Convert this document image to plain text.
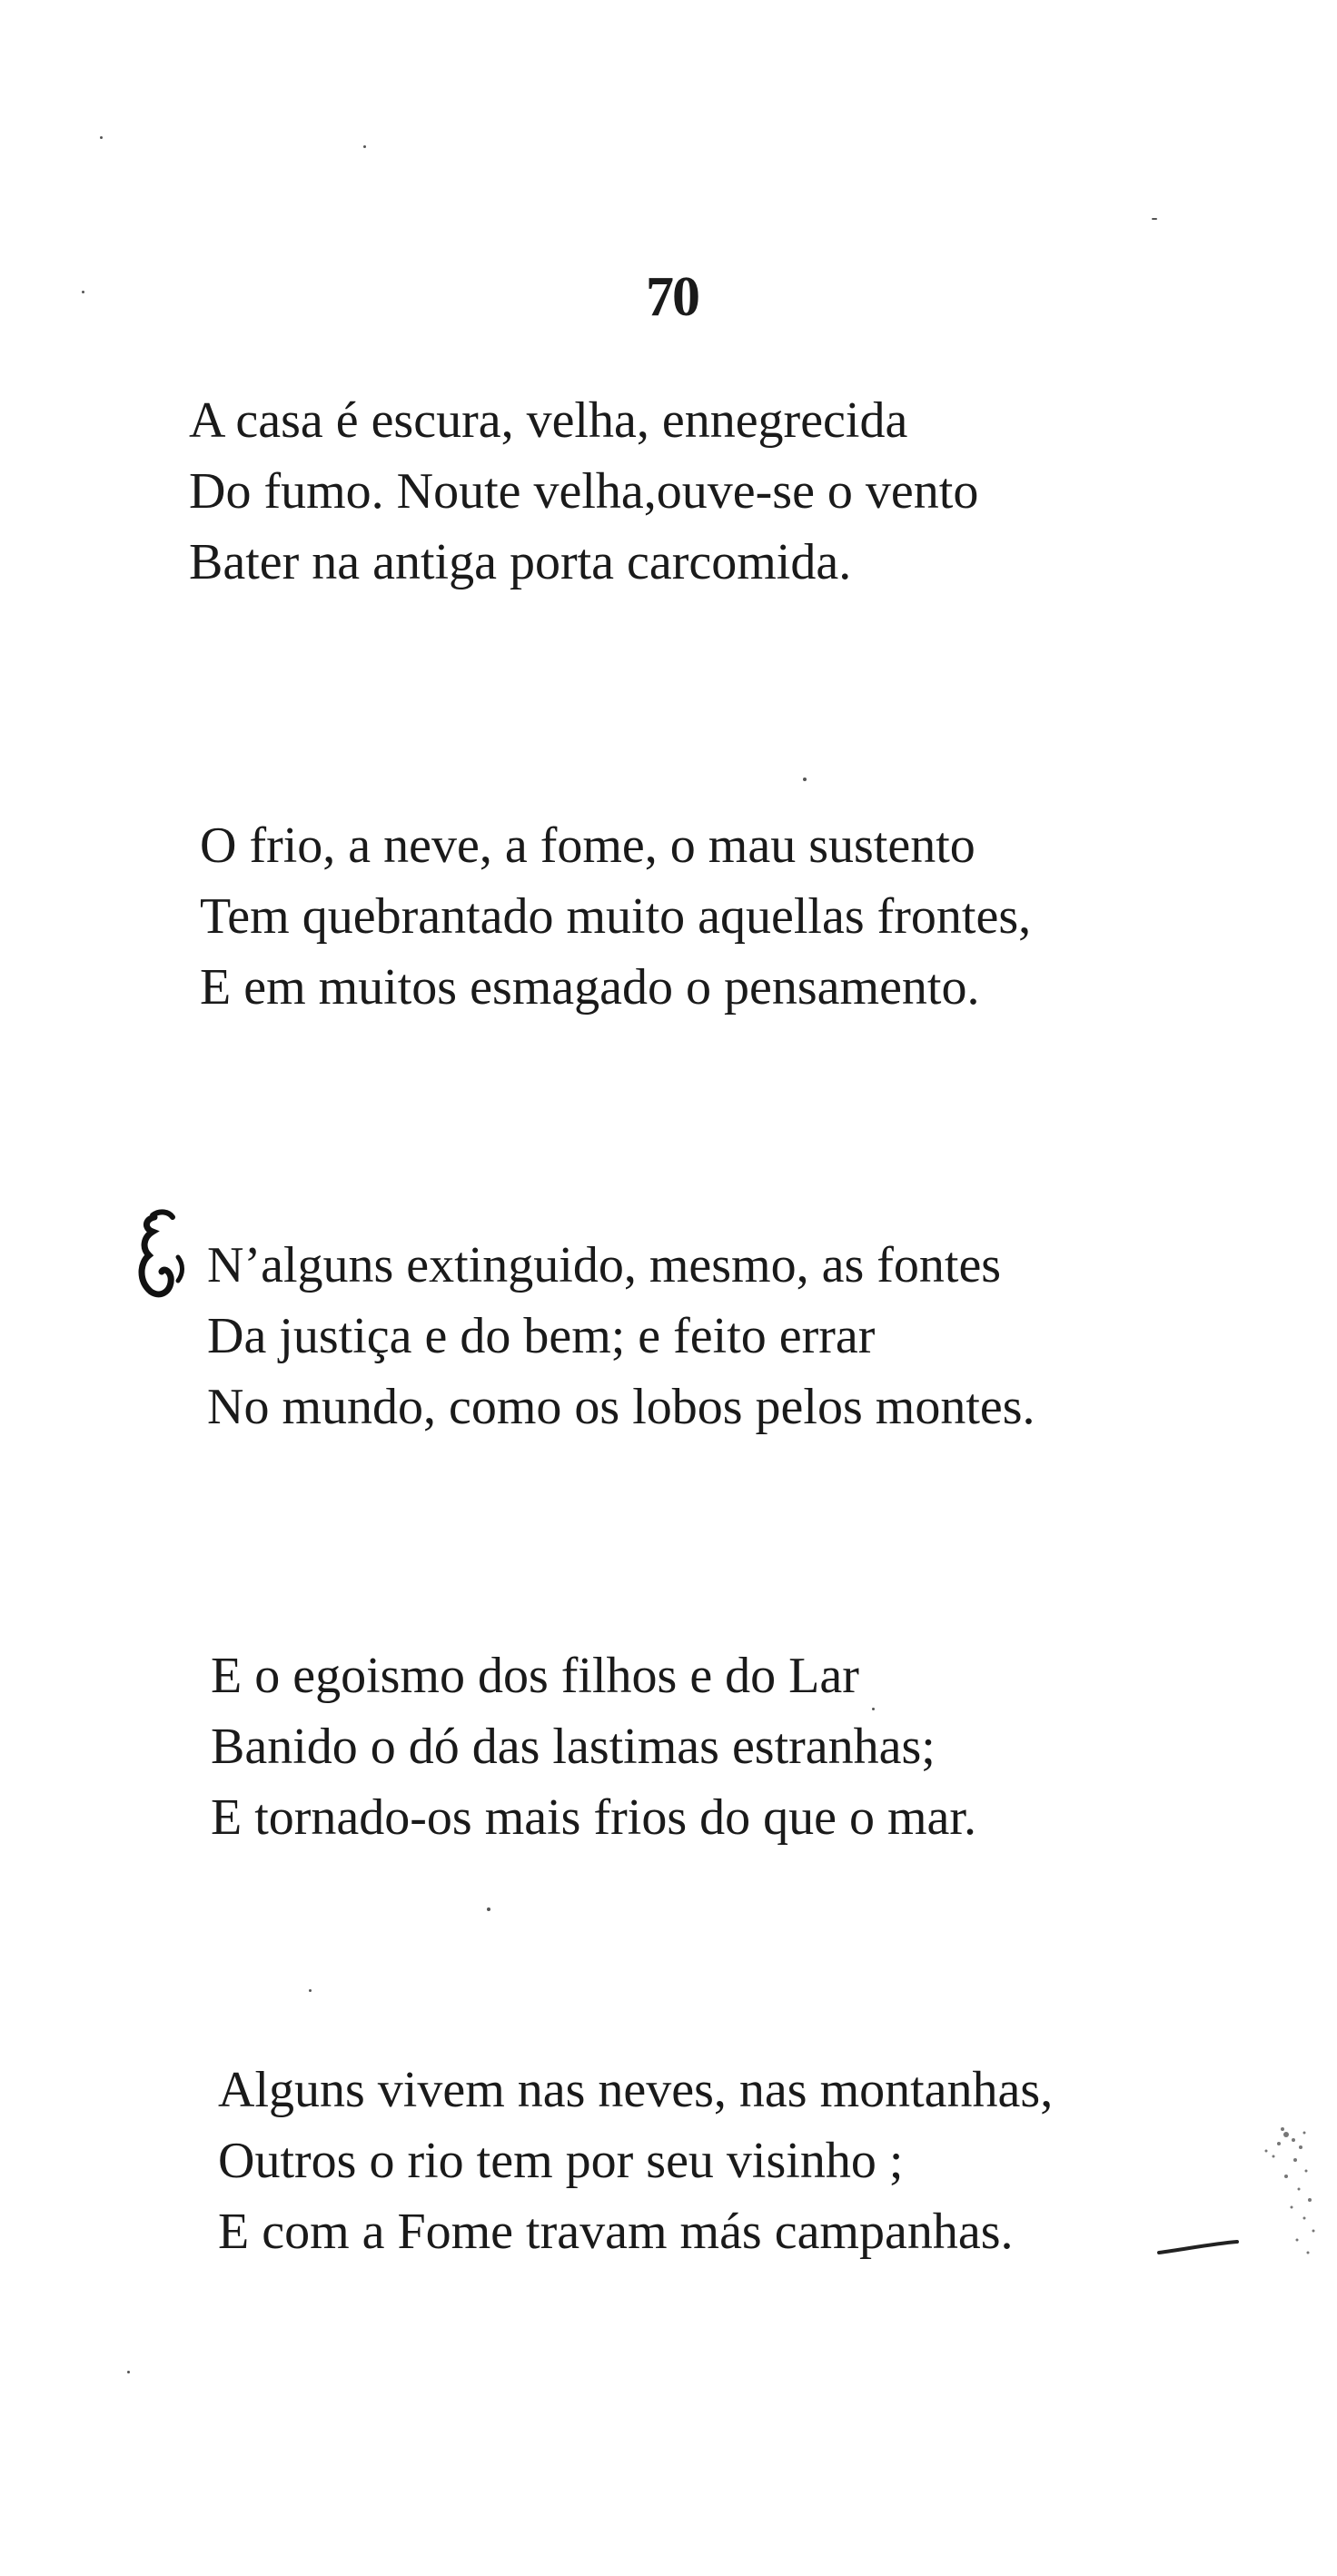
70
A casa é escura, velha, ennegrecida
Do fumo. Noute velha,ouve-se o vento
Bater na antiga porta carcomida.
O frio, a neve, a fome, o mau sustento
Tem quebrantado muito aquellas frontes,
E em muitos esmagado o pensamento.
N’alguns extinguido, mesmo, as fontes
Da justiça e do bem; e feito errar
No mundo, como os lobos pelos montes.
E o egoismo dos filhos e do Lar
Banido o dó das lastimas estranhas;
E tornado-os mais frios do que o mar.
Alguns vivem nas neves, nas montanhas,
Outros o rio tem por seu visinho ;
E com a Fome travam más campanhas.
